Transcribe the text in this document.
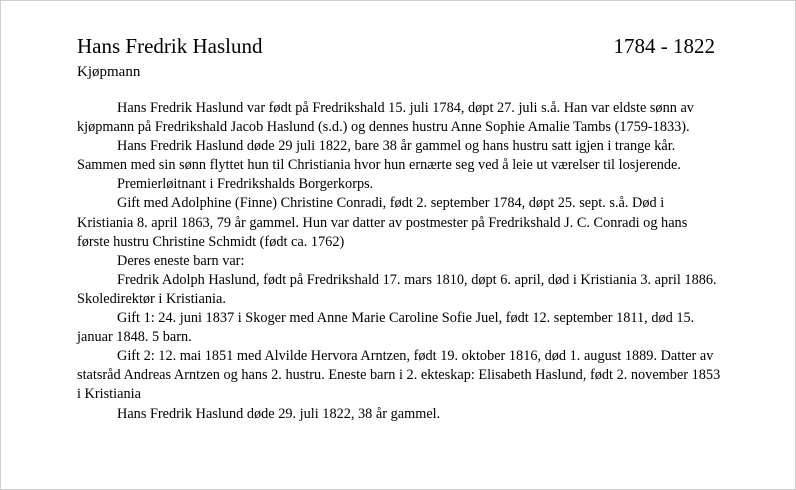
Hans Fredrik Haslund	1784 - 1822
Kjøpmann

Hans Fredrik Haslund var født på Fredrikshald 15. juli 1784, døpt 27. juli s.å. Han var eldste sønn av kjøpmann på Fredrikshald Jacob Haslund (s.d.) og dennes hustru Anne Sophie Amalie Tambs (1759-1833).

Hans Fredrik Haslund døde 29 juli 1822, bare 38 år gammel og hans hustru satt igjen i trange kår. Sammen med sin sønn flyttet hun til Christiania hvor hun ernærte seg ved å leie ut værelser til losjerende.

Premierløitnant i Fredrikshalds Borgerkorps.

Gift med Adolphine (Finne) Christine Conradi, født 2. september 1784, døpt 25. sept. s.å. Død i Kristiania 8. april 1863, 79 år gammel. Hun var datter av postmester på Fredrikshald J. C. Conradi og hans første hustru Christine Schmidt (født ca. 1762)

Deres eneste barn var:

Fredrik Adolph Haslund, født på Fredrikshald 17. mars 1810, døpt 6. april, død i Kristiania 3. april 1886. Skoledirektør i Kristiania.

Gift 1: 24. juni 1837 i Skoger med Anne Marie Caroline Sofie Juel, født 12. september 1811, død 15. januar 1848. 5 barn.

Gift 2: 12. mai 1851 med Alvilde Hervora Arntzen, født 19. oktober 1816, død 1. august 1889. Datter av statsråd Andreas Arntzen og hans 2. hustru. Eneste barn i 2. ekteskap: Elisabeth Haslund, født 2. november 1853 i Kristiania

Hans Fredrik Haslund døde 29. juli 1822, 38 år gammel.
